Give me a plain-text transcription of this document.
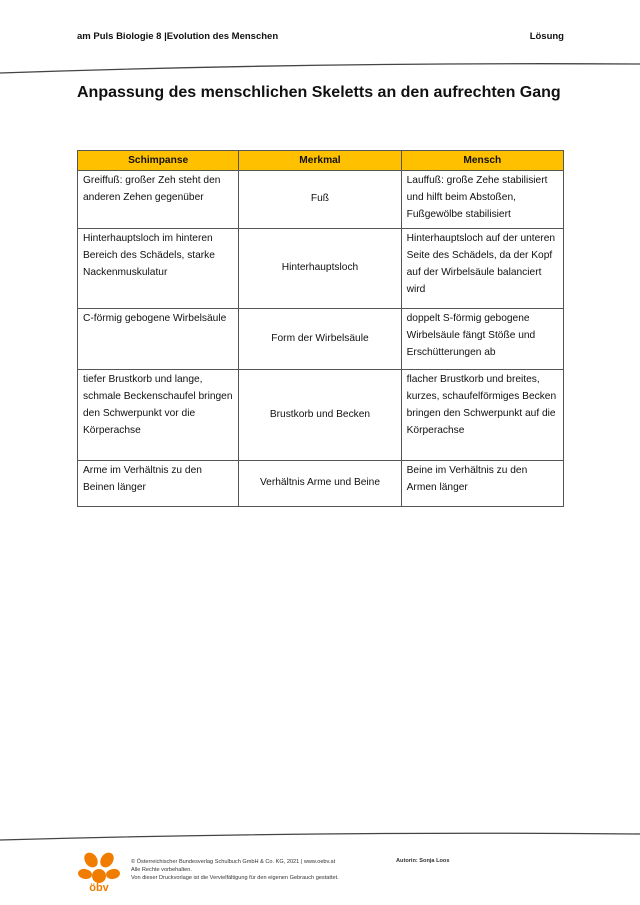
am Puls Biologie 8 |Evolution des Menschen	Lösung
Anpassung des menschlichen Skeletts an den aufrechten Gang
Schimpanse	Merkmal	Mensch
Greiffuß: großer Zeh steht den anderen Zehen gegenüber	Fuß	Lauffuß: große Zehe stabilisiert und hilft beim Abstoßen, Fußgewölbe stabilisiert
Hinterhauptsloch im hinteren Bereich des Schädels, starke Nackenmuskulatur	Hinterhauptsloch	Hinterhauptsloch auf der unteren Seite des Schädels, da der Kopf auf der Wirbelsäule balanciert wird
C-förmig gebogene Wirbelsäule	Form der Wirbelsäule	doppelt S-förmig gebogene Wirbelsäule fängt Stöße und Erschütterungen ab
tiefer Brustkorb und lange, schmale Beckenschaufel bringen den Schwerpunkt vor die Körperachse	Brustkorb und Becken	flacher Brustkorb und breites, kurzes, schaufelförmiges Becken bringen den Schwerpunkt auf die Körperachse
Arme im Verhältnis zu den Beinen länger	Verhältnis Arme und Beine	Beine im Verhältnis zu den Armen länger
öbv
© Österreichischer Bundesverlag Schulbuch GmbH & Co. KG, 2021 | www.oebv.at
Alle Rechte vorbehalten.
Von dieser Druckvorlage ist die Vervielfältigung für den eigenen Gebrauch gestattet.
Autorin: Sonja Loos
